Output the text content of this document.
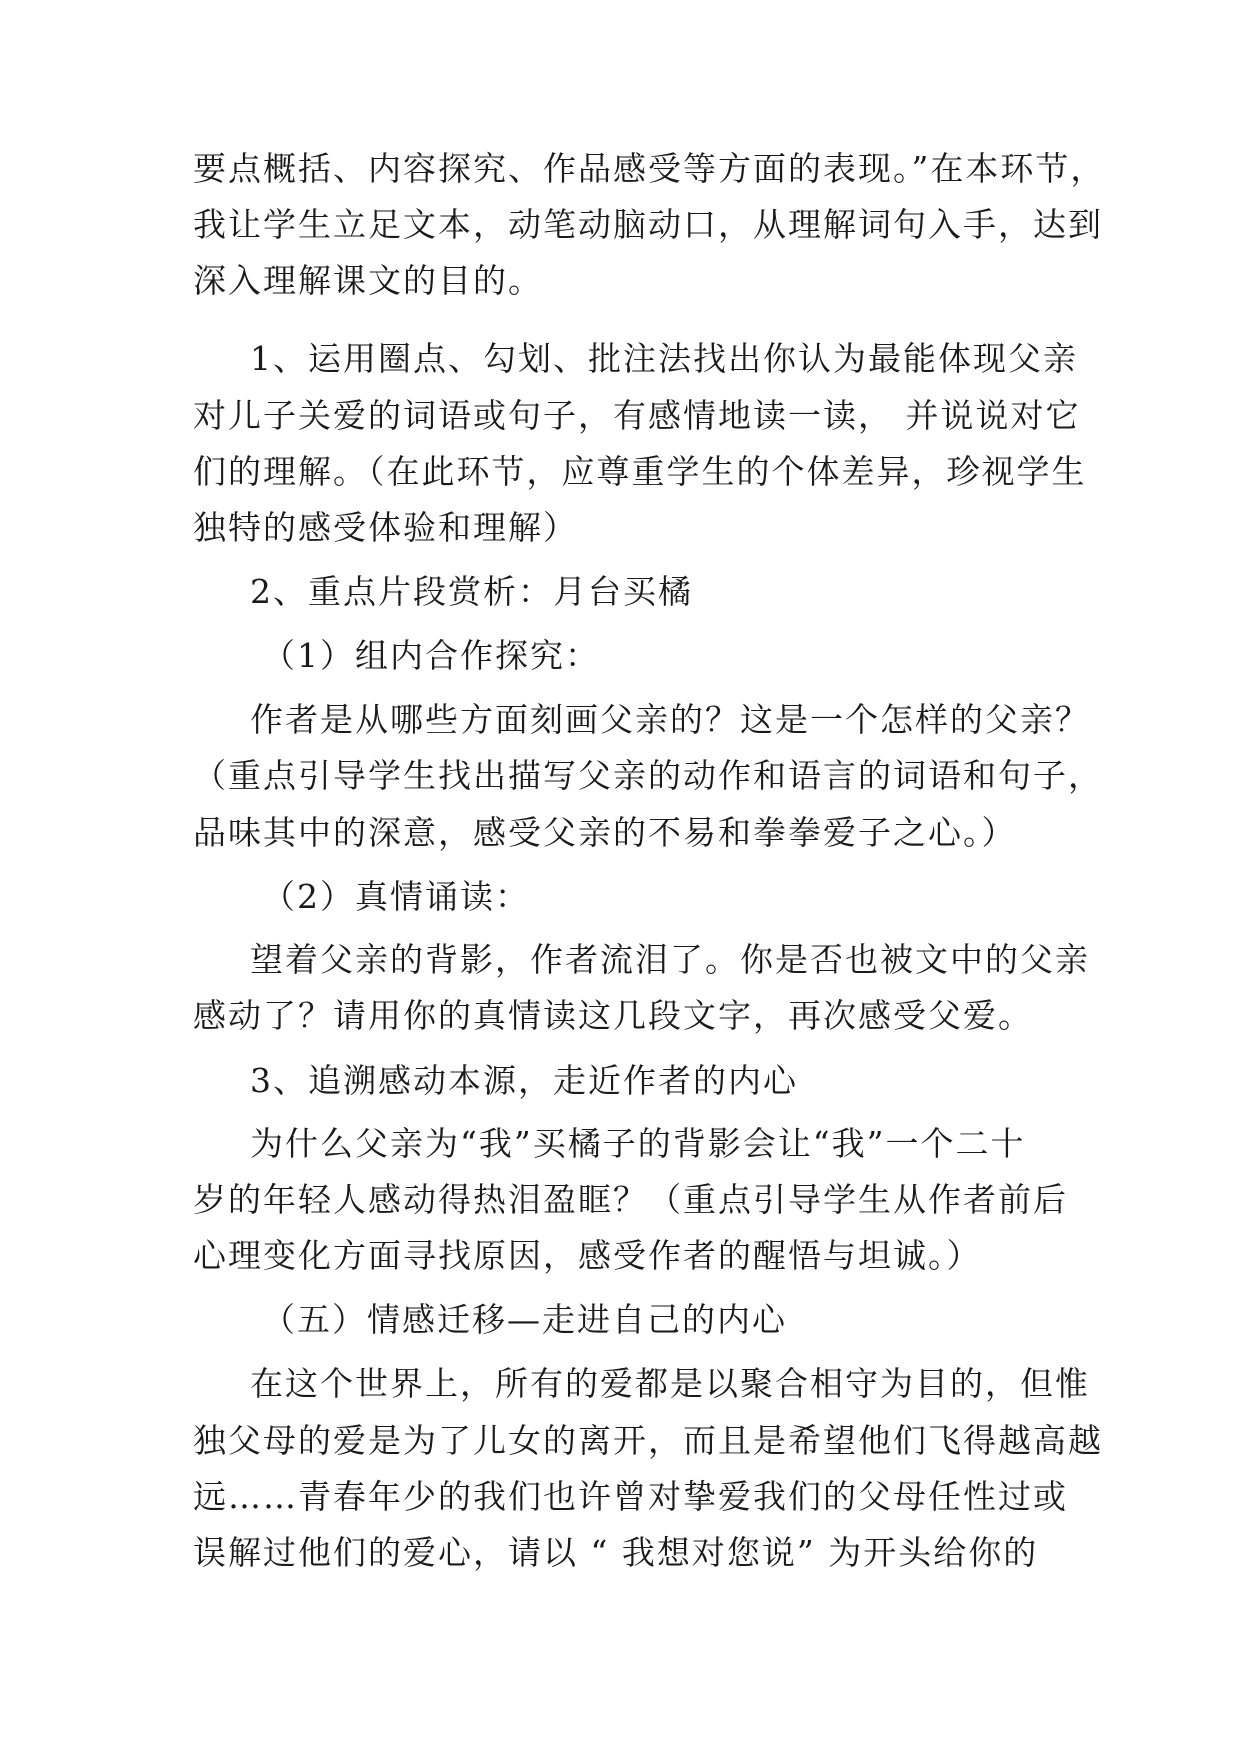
要点概括、内容探究、作品感受等方面的表现。”在本环节，
我让学生立足文本，动笔动脑动口，从理解词句入手，达到
深入理解课文的目的。
1、运用圈点、勾划、批注法找出你认为最能体现父亲
对儿子关爱的词语或句子，有感情地读一读， 并说说对它
们的理解。（在此环节，应尊重学生的个体差异，珍视学生
独特的感受体验和理解）
2、重点片段赏析：月台买橘
（1）组内合作探究：
作者是从哪些方面刻画父亲的？这是一个怎样的父亲？
（重点引导学生找出描写父亲的动作和语言的词语和句子，
品味其中的深意，感受父亲的不易和拳拳爱子之心。）
（2）真情诵读：
望着父亲的背影，作者流泪了。你是否也被文中的父亲
感动了？请用你的真情读这几段文字，再次感受父爱。
3、追溯感动本源，走近作者的内心
为什么父亲为“我”买橘子的背影会让“我”一个二十
岁的年轻人感动得热泪盈眶？（重点引导学生从作者前后
心理变化方面寻找原因，感受作者的醒悟与坦诚。）
（五）情感迁移—走进自己的内心
在这个世界上，所有的爱都是以聚合相守为目的，但惟
独父母的爱是为了儿女的离开，而且是希望他们飞得越高越
远……青春年少的我们也许曾对挚爱我们的父母任性过或
误解过他们的爱心，请以 “ 我想对您说” 为开头给你的
